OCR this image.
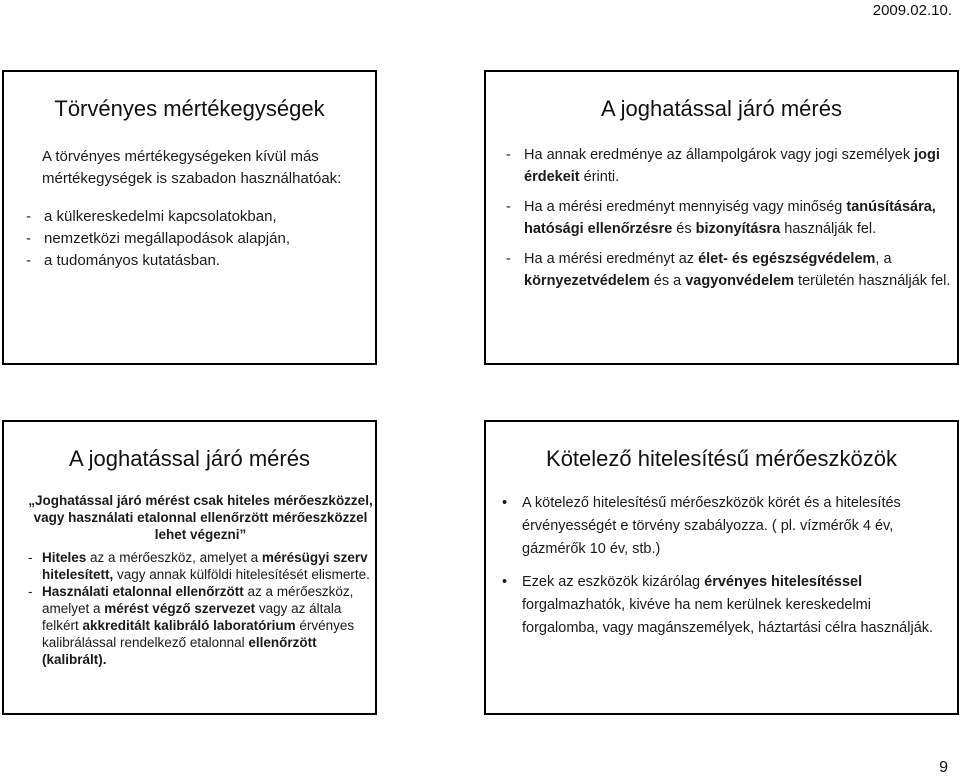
2009.02.10.
Törvényes mértékegységek
A törvényes mértékegységeken kívül más mértékegységek is szabadon használhatóak:
- a külkereskedelmi kapcsolatokban,
- nemzetközi megállapodások alapján,
- a tudományos kutatásban.
A joghatással járó mérés
- Ha annak eredménye az állampolgárok vagy jogi személyek jogi érdekeit érinti.
- Ha a mérési eredményt mennyiség vagy minőség tanúsítására, hatósági ellenőrzésre és bizonyításra használják fel.
- Ha a mérési eredményt az élet- és egészségvédelem, a környezetvédelem és a vagyonvédelem területén használják fel.
A joghatással járó mérés
„Joghatással járó mérést csak hiteles mérőeszközzel, vagy használati etalonnal ellenőrzött mérőeszközzel lehet végezni”
- Hiteles az a mérőeszköz, amelyet a mérésügyi szerv hitelesített, vagy annak külföldi hitelesítését elismerte.
- Használati etalonnal ellenőrzött az a mérőeszköz, amelyet a mérést végző szervezet vagy az általa felkért akkreditált kalibráló laboratórium érvényes kalibrálással rendelkező etalonnal ellenőrzött (kalibrált).
Kötelező hitelesítésű mérőeszközök
•	A kötelező hitelesítésű mérőeszközök körét és a hitelesítés érvényességét e törvény szabályozza. ( pl. vízmérők 4 év, gázmérők 10 év, stb.)
•	Ezek az eszközök kizárólag érvényes hitelesítéssel forgalmazhatók, kivéve ha nem kerülnek kereskedelmi forgalomba, vagy magánszemélyek, háztartási célra használják.
9
